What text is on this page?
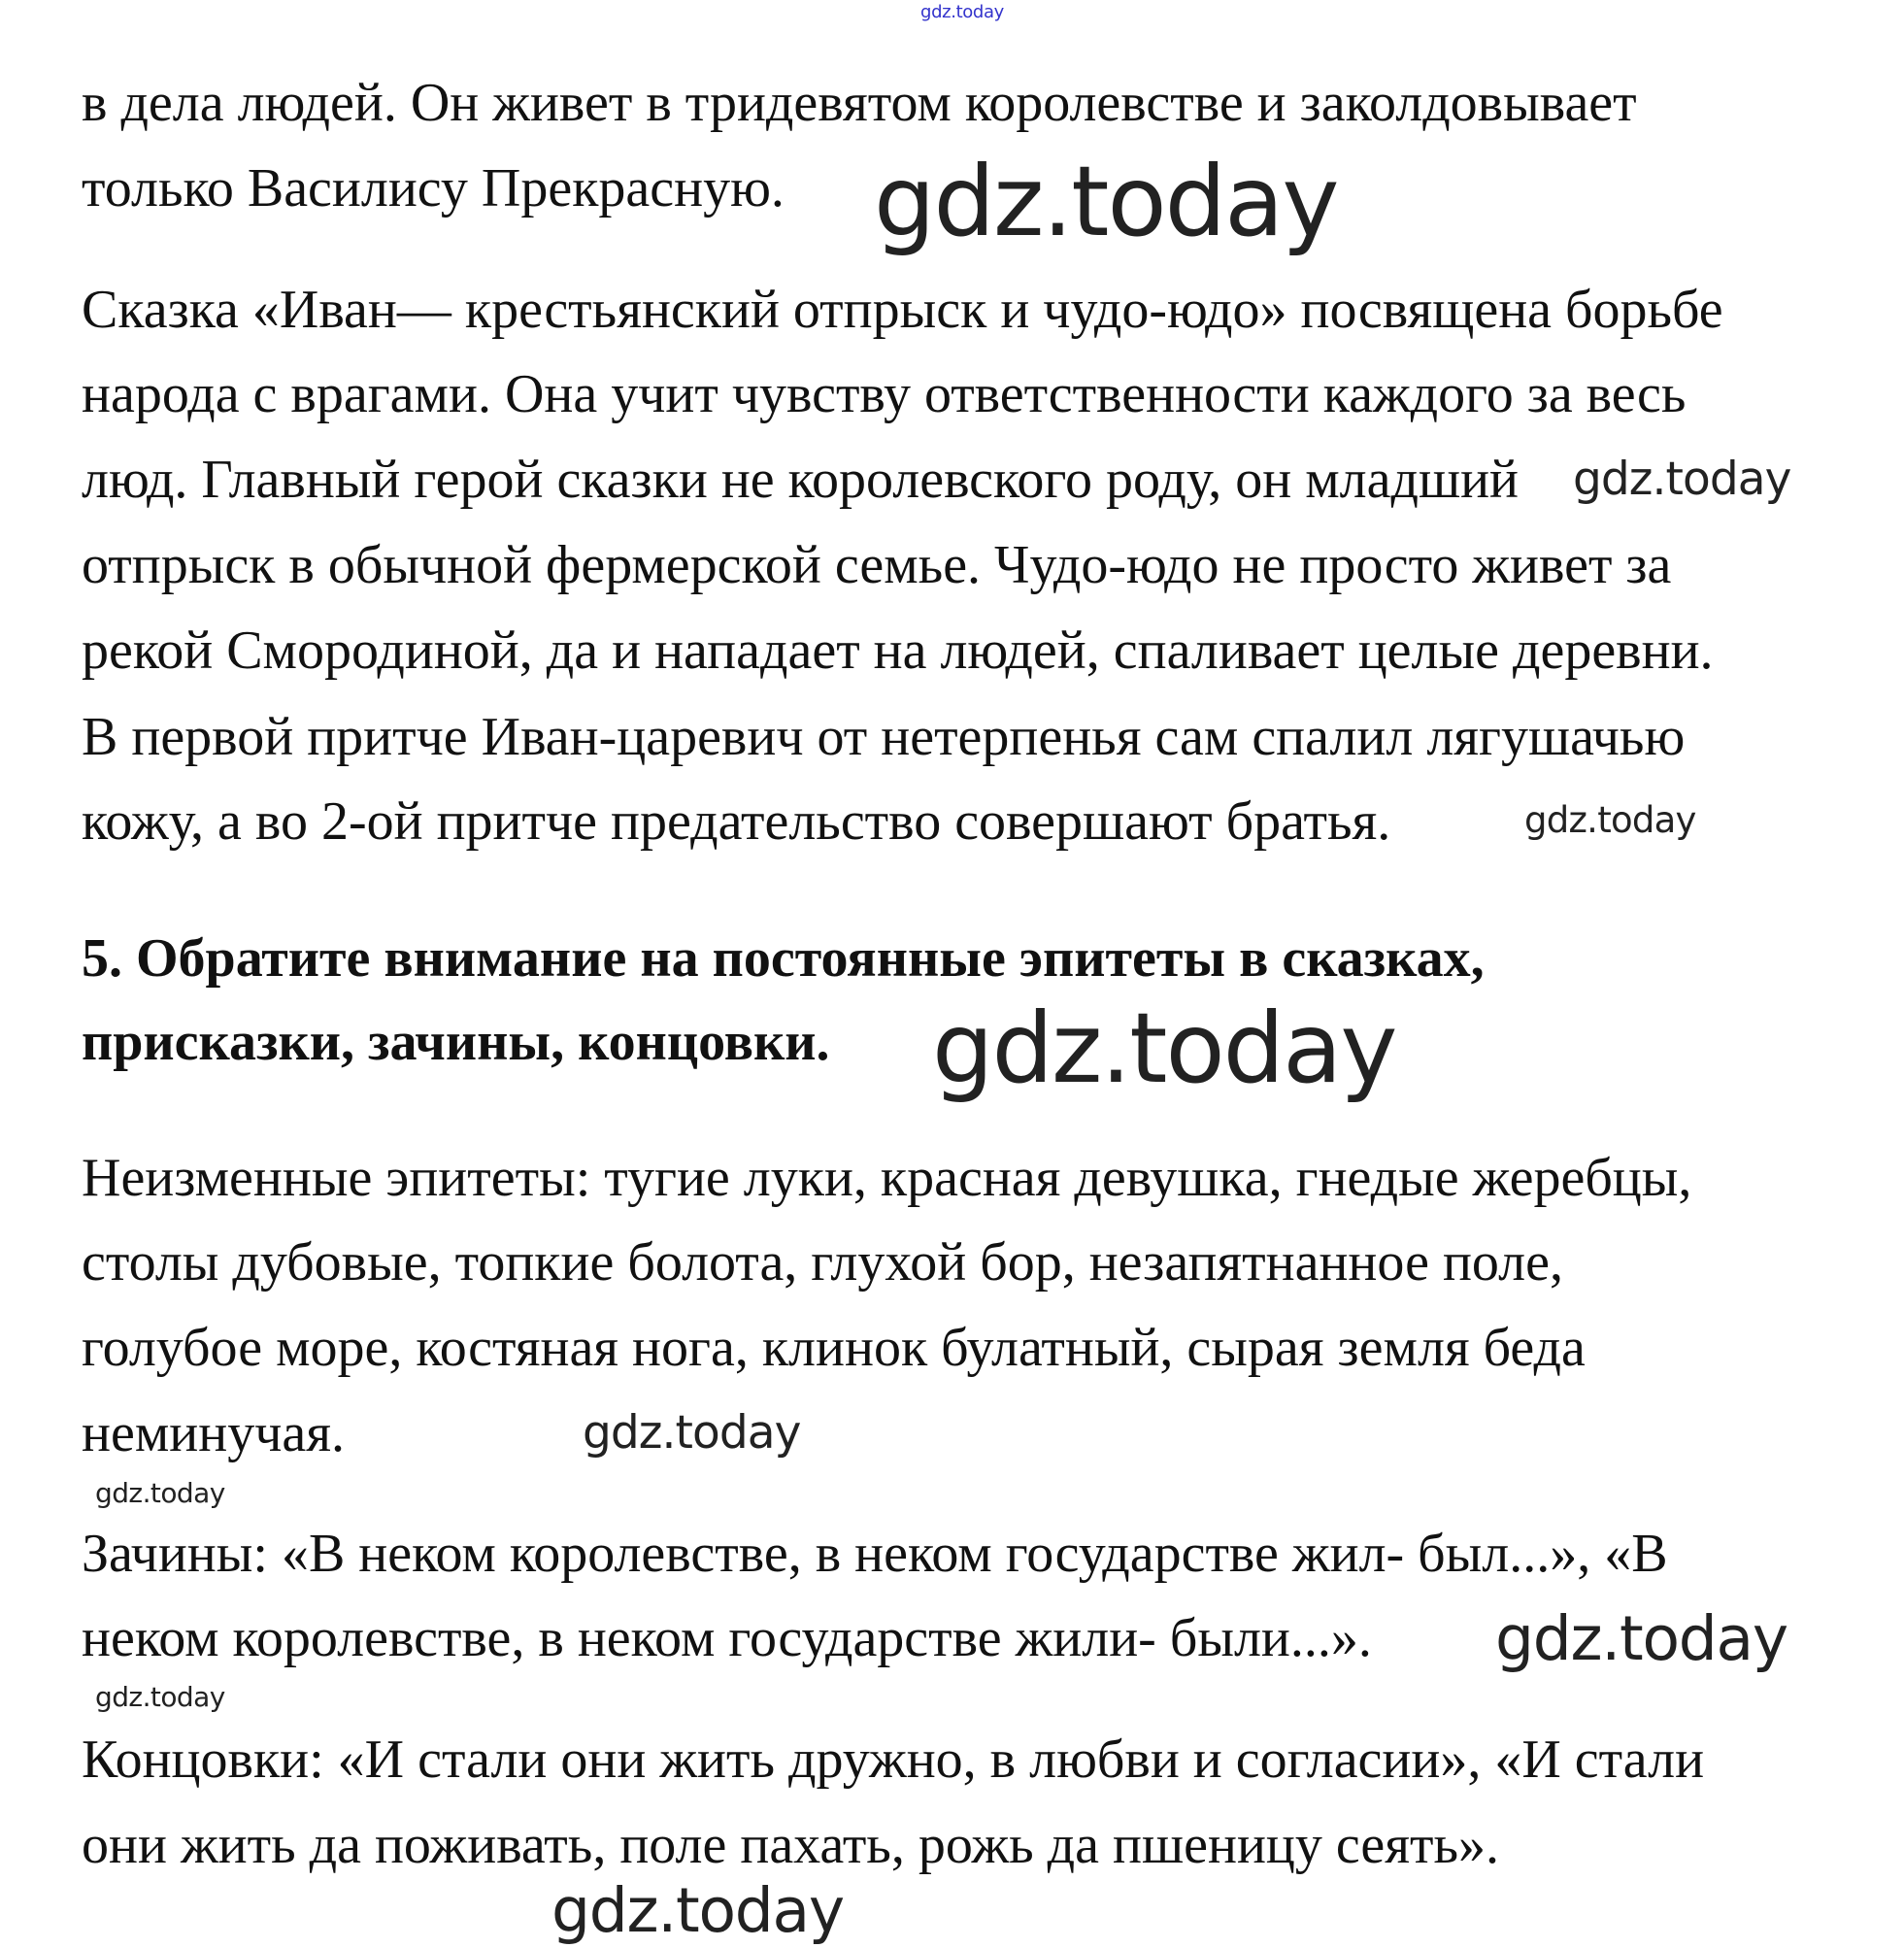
gdz.today
в дела людей. Он живет в тридевятом королевстве и заколдовывает
только Василису Прекрасную.
Сказка «Иван— крестьянский отпрыск и чудо-юдо» посвящена борьбе
народа с врагами. Она учит чувству ответственности каждого за весь
люд. Главный герой сказки не королевского роду, он младший
отпрыск в обычной фермерской семье. Чудо-юдо не просто живет за
рекой Смородиной, да и нападает на людей, спаливает целые деревни.
В первой притче Иван-царевич от нетерпенья сам спалил лягушачью
кожу, а во 2-ой притче предательство совершают братья.
5. Обратите внимание на постоянные эпитеты в сказках,
присказки, зачины, концовки.
Неизменные эпитеты: тугие луки, красная девушка, гнедые жеребцы,
столы дубовые, топкие болота, глухой бор, незапятнанное поле,
голубое море, костяная нога, клинок булатный, сырая земля беда
неминучая.
Зачины: «В неком королевстве, в неком государстве жил- был...», «В
неком королевстве, в неком государстве жили- были...».
Концовки: «И стали они жить дружно, в любви и согласии», «И стали
они жить да поживать, поле пахать, рожь да пшеницу сеять».
gdz.today
gdz.today
gdz.today
gdz.today
gdz.today
gdz.today
gdz.today
gdz.today
gdz.today
